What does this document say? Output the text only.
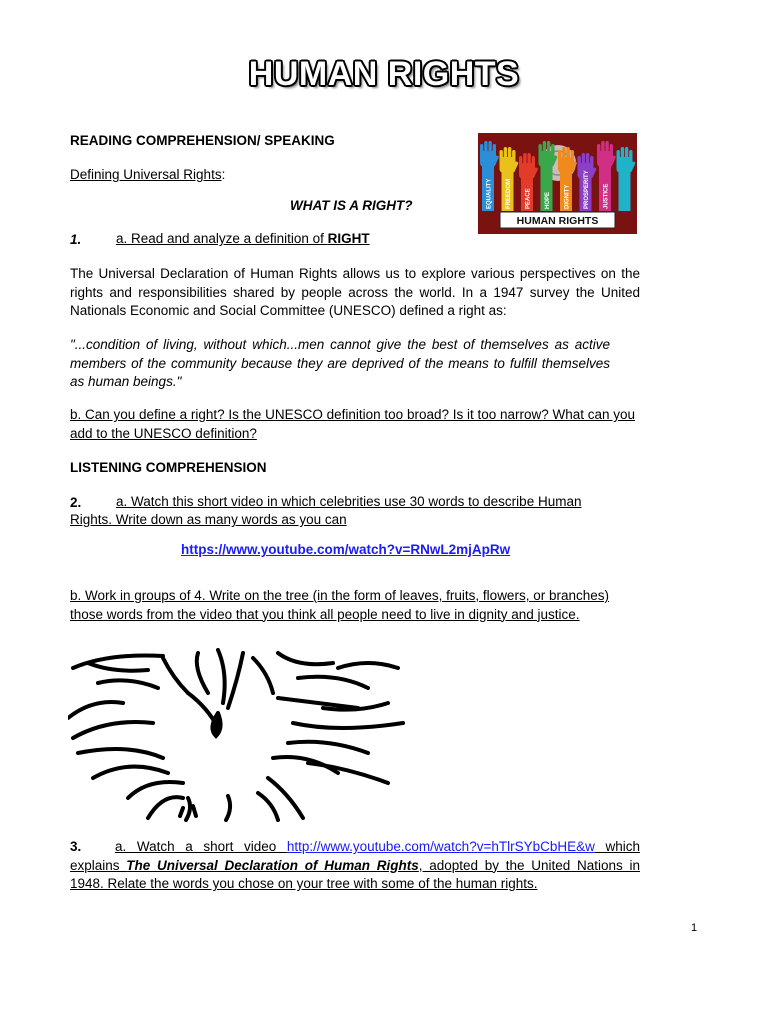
HUMAN RIGHTS
READING COMPREHENSION/ SPEAKING
Defining Universal Rights:
EQUALITY FREEDOM PEACE HOPE DIGNITY PROSPERITY JUSTICE
HUMAN RIGHTS
WHAT IS A RIGHT?
1.	a. Read and analyze a definition of RIGHT
The Universal Declaration of Human Rights allows us to explore various perspectives on the rights and responsibilities shared by people across the world. In a 1947 survey the United Nationals Economic and Social Committee (UNESCO) defined a right as:
"...condition of living, without which...men cannot give the best of themselves as active members of the community because they are deprived of the means to fulfill themselves as human beings."
b. Can you define a right? Is the UNESCO definition too broad? Is it too narrow? What can you add to the UNESCO definition?
LISTENING COMPREHENSION
2.	a. Watch this short video in which celebrities use 30 words to describe Human
Rights. Write down as many words as you can
https://www.youtube.com/watch?v=RNwL2mjApRw
b. Work in groups of 4. Write on the tree (in the form of leaves, fruits, flowers, or branches) those words from the video that you think all people need to live in dignity and justice.
3.	a. Watch a short video http://www.youtube.com/watch?v=hTlrSYbCbHE&w which explains The Universal Declaration of Human Rights, adopted by the United Nations in 1948. Relate the words you chose on your tree with some of the human rights.
1
